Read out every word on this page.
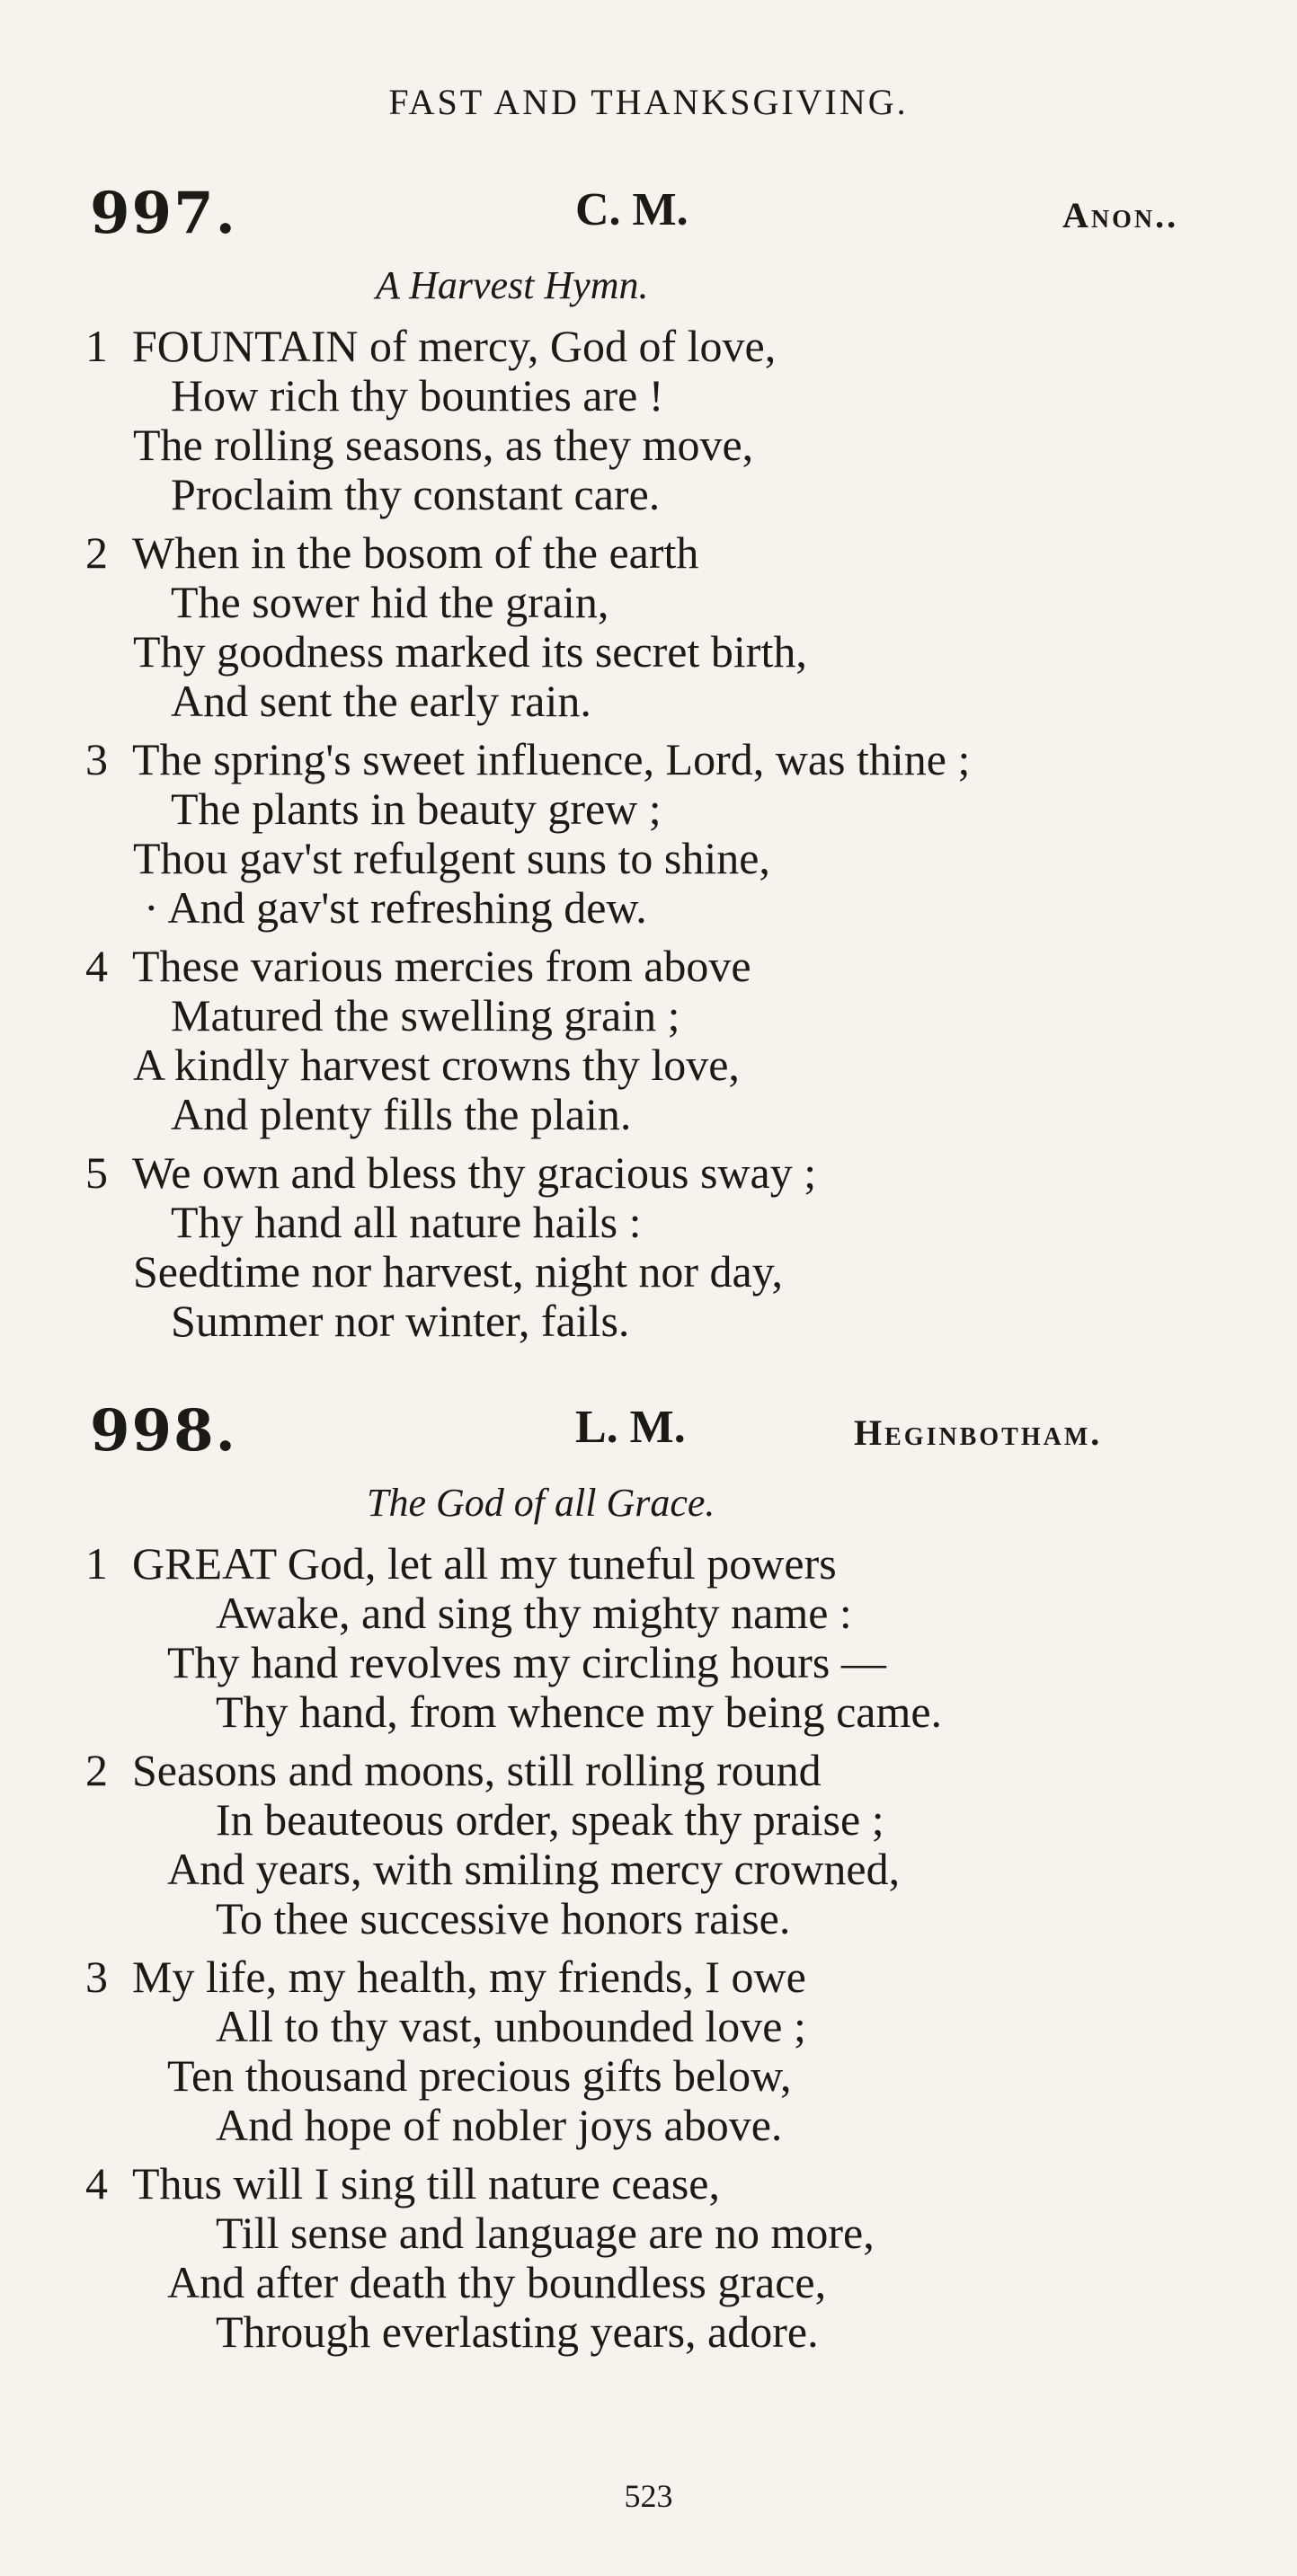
FAST AND THANKSGIVING.
997.	C. M.	Anon..
A Harvest Hymn.
1 FOUNTAIN of mercy, God of love,
How rich thy bounties are !
The rolling seasons, as they move,
Proclaim thy constant care.
2 When in the bosom of the earth
The sower hid the grain,
Thy goodness marked its secret birth,
And sent the early rain.
3 The spring's sweet influence, Lord, was thine ;
The plants in beauty grew ;
Thou gav'st refulgent suns to shine,
· And gav'st refreshing dew.
4 These various mercies from above
Matured the swelling grain ;
A kindly harvest crowns thy love,
And plenty fills the plain.
5 We own and bless thy gracious sway ;
Thy hand all nature hails :
Seedtime nor harvest, night nor day,
Summer nor winter, fails.
998.	L. M.	Heginbotham.
The God of all Grace.
1 GREAT God, let all my tuneful powers
Awake, and sing thy mighty name :
Thy hand revolves my circling hours —
Thy hand, from whence my being came.
2 Seasons and moons, still rolling round
In beauteous order, speak thy praise ;
And years, with smiling mercy crowned,
To thee successive honors raise.
3 My life, my health, my friends, I owe
All to thy vast, unbounded love ;
Ten thousand precious gifts below,
And hope of nobler joys above.
4 Thus will I sing till nature cease,
Till sense and language are no more,
And after death thy boundless grace,
Through everlasting years, adore.
523
